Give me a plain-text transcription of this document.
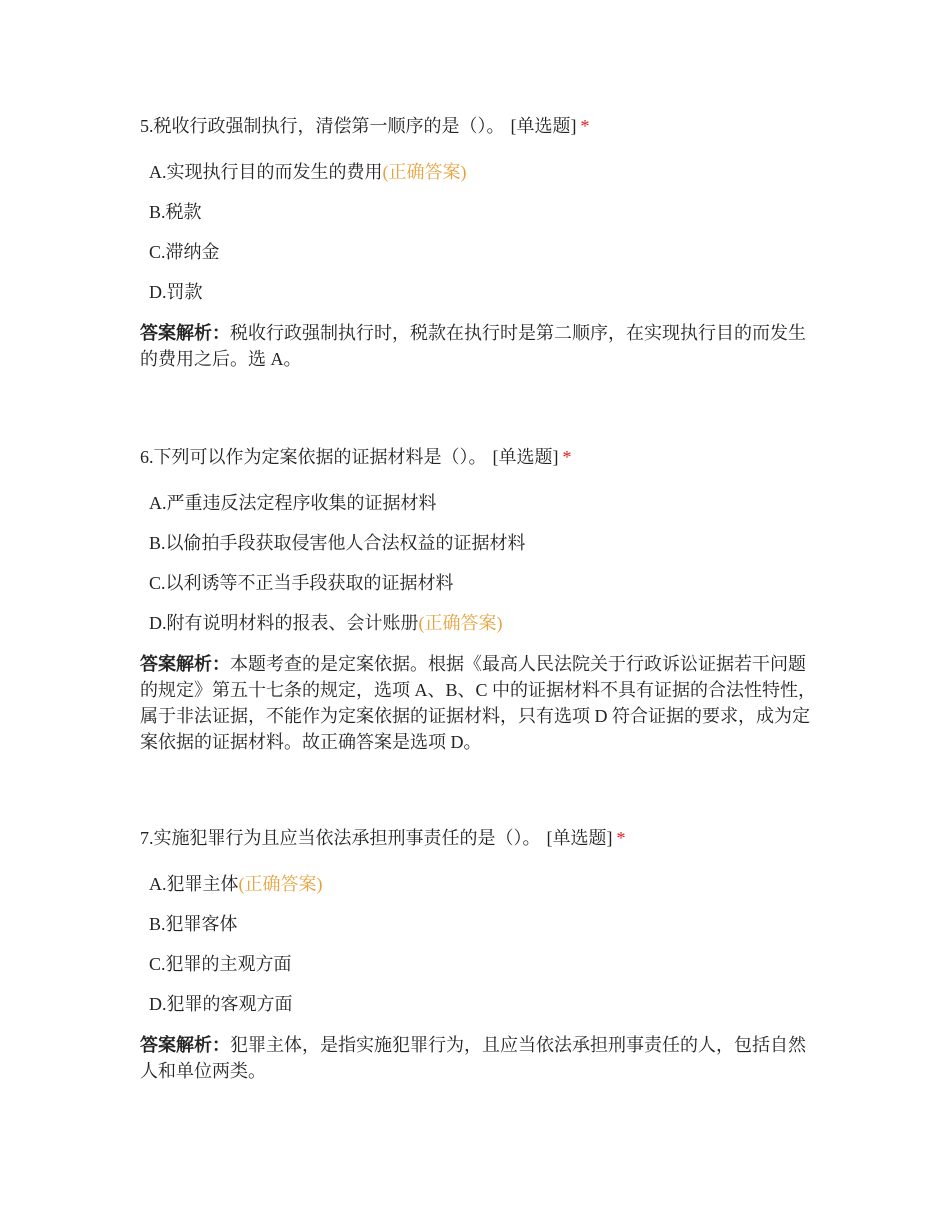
5.税收行政强制执行，清偿第一顺序的是（）。 [单选题] *

A.实现执行目的而发生的费用(正确答案)
B.税款
C.滞纳金
D.罚款

答案解析：税收行政强制执行时，税款在执行时是第二顺序，在实现执行目的而发生的费用之后。选 A。

6.下列可以作为定案依据的证据材料是（）。 [单选题] *

A.严重违反法定程序收集的证据材料
B.以偷拍手段获取侵害他人合法权益的证据材料
C.以利诱等不正当手段获取的证据材料
D.附有说明材料的报表、会计账册(正确答案)

答案解析：本题考查的是定案依据。根据《最高人民法院关于行政诉讼证据若干问题的规定》第五十七条的规定，选项 A、B、C 中的证据材料不具有证据的合法性特性，属于非法证据，不能作为定案依据的证据材料，只有选项 D 符合证据的要求，成为定案依据的证据材料。故正确答案是选项 D。

7.实施犯罪行为且应当依法承担刑事责任的是（）。 [单选题] *

A.犯罪主体(正确答案)
B.犯罪客体
C.犯罪的主观方面
D.犯罪的客观方面

答案解析：犯罪主体，是指实施犯罪行为，且应当依法承担刑事责任的人，包括自然人和单位两类。
